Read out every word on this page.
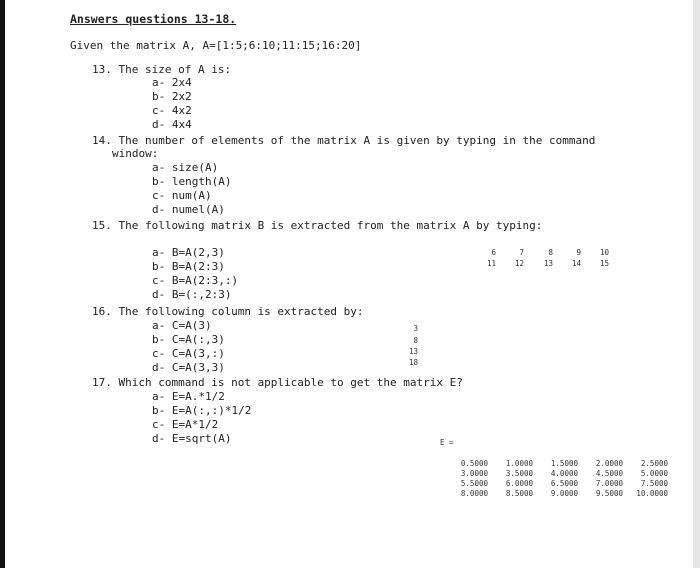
Answers questions 13-18.
Given the matrix A, A=[1:5;6:10;11:15;16:20]
13. The size of A is:
a- 2x4
b- 2x2
c- 4x2
d- 4x4
14. The number of elements of the matrix A is given by typing in the command
window:
a- size(A)
b- length(A)
c- num(A)
d- numel(A)
15. The following matrix B is extracted from the matrix A by typing:
a- B=A(2,3)
b- B=A(2:3)
c- B=A(2:3,:)
d- B=(:,2:3)
6	7	8	9	10
11	12	13	14	15
16. The following column is extracted by:
a- C=A(3)
b- C=A(:,3)
c- C=A(3,:)
d- C=A(3,3)
3
8
13
18
17. Which command is not applicable to get the matrix E?
a- E=A.*1/2
b- E=A(:,:)*1/2
c- E=A*1/2
d- E=sqrt(A)	E =
0.5000	1.0000	1.5000	2.0000	2.5000
3.0000	3.5000	4.0000	4.5000	5.0000
5.5000	6.0000	6.5000	7.0000	7.5000
8.0000	8.5000	9.0000	9.5000	10.0000
